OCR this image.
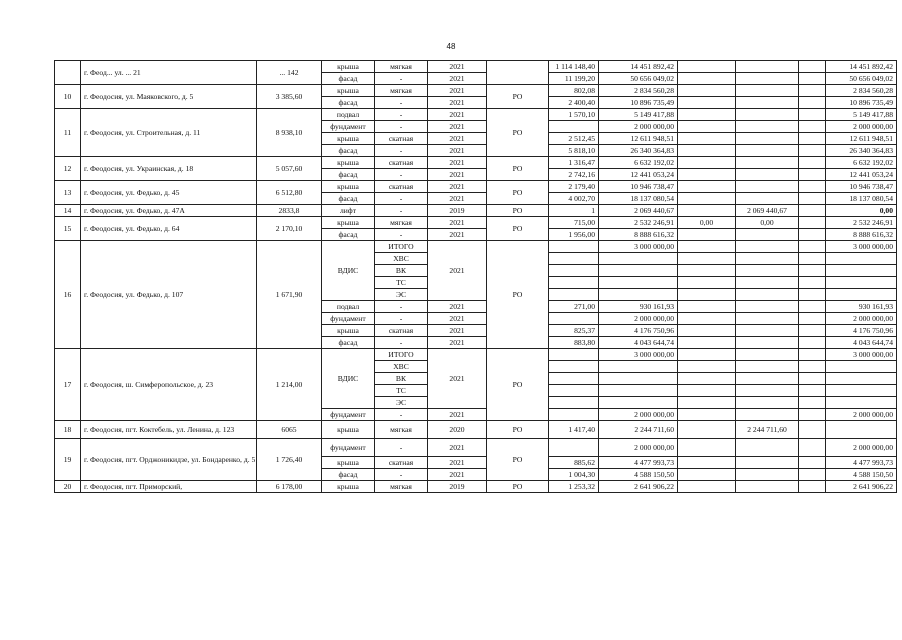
48
	г. Феод... ул. ... 21	... 142	крыша	мягкая	2021		1 114 148,40	14 451 892,42				14 451 892,42
			фасад	-	2021		11 199,20	50 656 049,02				50 656 049,02
10	г. Феодосия, ул. Маяковского, д. 5	3 385,60	крыша	мягкая	2021	РО	802,08	2 834 560,28				2 834 560,28
			фасад	-	2021		2 400,40	10 896 735,49				10 896 735,49
11	г. Феодосия, ул. Строительная, д. 11	8 938,10	подвал	-	2021	РО	1 570,10	5 149 417,88				5 149 417,88
			фундамент	-	2021			2 000 000,00				2 000 000,00
			крыша	скатная	2021		2 512,45	12 611 948,51				12 611 948,51
			фасад	-	2021		5 818,10	26 340 364,83				26 340 364,83
12	г. Феодосия, ул. Украинская, д. 18	5 057,60	крыша	скатная	2021	РО	1 316,47	6 632 192,02				6 632 192,02
			фасад	-	2021		2 742,16	12 441 053,24				12 441 053,24
13	г. Феодосия, ул. Федько, д. 45	6 512,80	крыша	скатная	2021	РО	2 179,40	10 946 738,47				10 946 738,47
			фасад	-	2021		4 002,70	18 137 080,54				18 137 080,54
14	г. Феодосия, ул. Федько, д. 47А	2833,8	лифт	-	2019	РО	1	2 069 440,67		2 069 440,67		0,00
15	г. Феодосия, ул. Федько, д. 64	2 170,10	крыша	мягкая	2021	РО	715,00	2 532 246,91	0,00	0,00		2 532 246,91
			фасад	-	2021		1 956,00	8 888 616,32				8 888 616,32
16	г. Феодосия, ул. Федько, д. 107	1 671,90	ВДИС	ИТОГО	2021	РО		3 000 000,00				3 000 000,00
				ХВС								
				ВК								
				ТС								
				ЭС								
			подвал	-	2021		271,00	930 161,93				930 161,93
			фундамент	-	2021			2 000 000,00				2 000 000,00
			крыша	скатная	2021		825,37	4 176 750,96				4 176 750,96
			фасад	-	2021		883,80	4 043 644,74				4 043 644,74
17	г. Феодосия, ш. Симферопольское, д. 23	1 214,00	ВДИС	ИТОГО	2021	РО		3 000 000,00				3 000 000,00
				ХВС								
				ВК								
				ТС								
				ЭС								
			фундамент	-	2021			2 000 000,00				2 000 000,00
18	г. Феодосия, пгт. Коктебель, ул. Ленина, д. 123	6065	крыша	мягкая	2020	РО	1 417,40	2 244 711,60		2 244 711,60		
19	г. Феодосия, пгт. Орджоникидзе, ул. Бондаренко, д. 5	1 726,40	фундамент	-	2021	РО		2 000 000,00				2 000 000,00
			крыша	скатная	2021		885,62	4 477 993,73				4 477 993,73
			фасад	-	2021		1 004,30	4 588 150,50				4 588 150,50
20	г. Феодосия, пгт. Приморский,	6 178,00	крыша	мягкая	2019	РО	1 253,32	2 641 906,22				2 641 906,22
